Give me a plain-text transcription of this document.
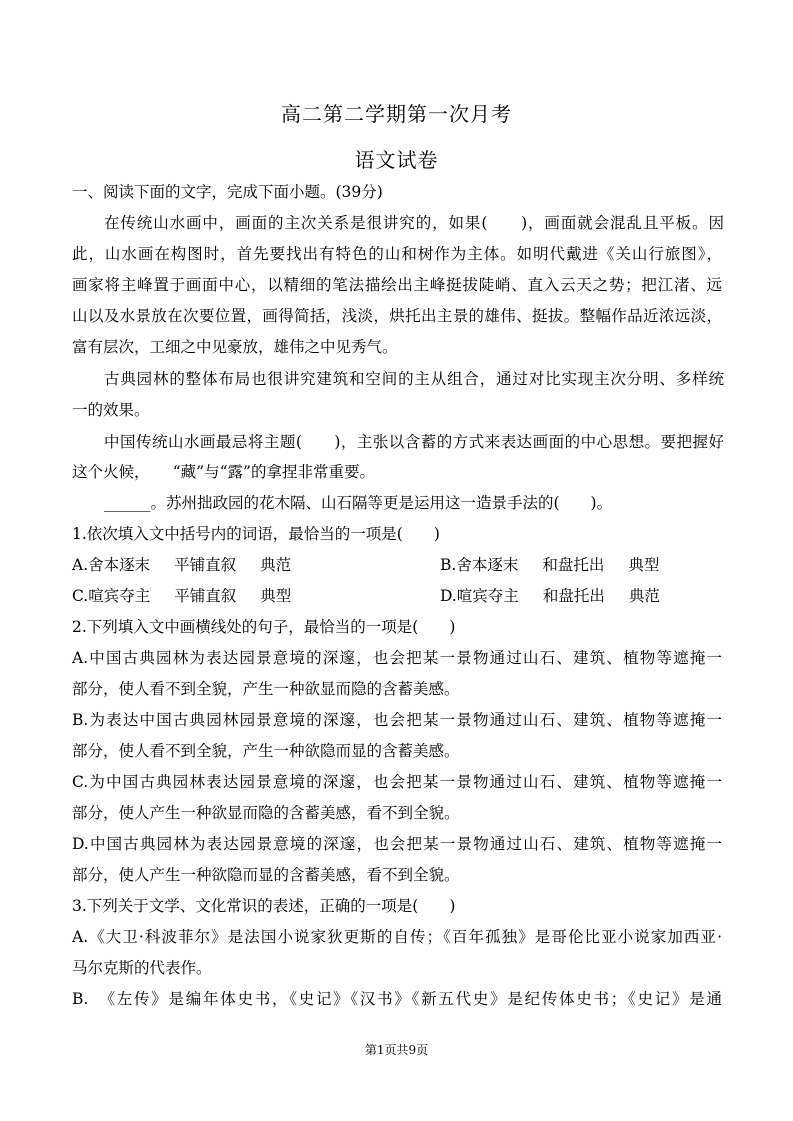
高二第二学期第一次月考
语文试卷
一、阅读下面的文字，完成下面小题。(39分)
在传统山水画中，画面的主次关系是很讲究的，如果(　　)，画面就会混乱且平板。因
此，山水画在构图时，首先要找出有特色的山和树作为主体。如明代戴进《关山行旅图》，
画家将主峰置于画面中心，以精细的笔法描绘出主峰挺拔陡峭、直入云天之势；把江渚、远
山以及水景放在次要位置，画得简括，浅淡，烘托出主景的雄伟、挺拔。整幅作品近浓远淡，
富有层次，工细之中见豪放，雄伟之中见秀气。
古典园林的整体布局也很讲究建筑和空间的主从组合，通过对比实现主次分明、多样统
一的效果。
中国传统山水画最忌将主题(　　)，主张以含蓄的方式来表达画面的中心思想。要把握好
这个火候，　　“藏”与“露”的拿捏非常重要。
______。苏州拙政园的花木隔、山石隔等更是运用这一造景手法的(　　)。
1.依次填入文中括号内的词语，最恰当的一项是(　　)
A.舍本逐末 平铺直叙 典范	B.舍本逐末 和盘托出 典型
C.喧宾夺主 平铺直叙 典型	D.喧宾夺主 和盘托出 典范
2.下列填入文中画横线处的句子，最恰当的一项是(　　)
A.中国古典园林为表达园景意境的深邃，也会把某一景物通过山石、建筑、植物等遮掩一
部分，使人看不到全貌，产生一种欲显而隐的含蓄美感。
B.为表达中国古典园林园景意境的深邃，也会把某一景物通过山石、建筑、植物等遮掩一
部分，使人看不到全貌，产生一种欲隐而显的含蓄美感。
C.为中国古典园林表达园景意境的深邃，也会把某一景物通过山石、建筑、植物等遮掩一
部分，使人产生一种欲显而隐的含蓄美感，看不到全貌。
D.中国古典园林为表达园景意境的深邃，也会把某一景物通过山石、建筑、植物等遮掩一
部分，使人产生一种欲隐而显的含蓄美感，看不到全貌。
3.下列关于文学、文化常识的表述，正确的一项是(　　)
A.《大卫·科波菲尔》是法国小说家狄更斯的自传；《百年孤独》是哥伦比亚小说家加西亚·
马尔克斯的代表作。
B.　《左传》是编年体史书，《史记》《汉书》《新五代史》是纪传体史书；《史记》是通
第1页共9页
